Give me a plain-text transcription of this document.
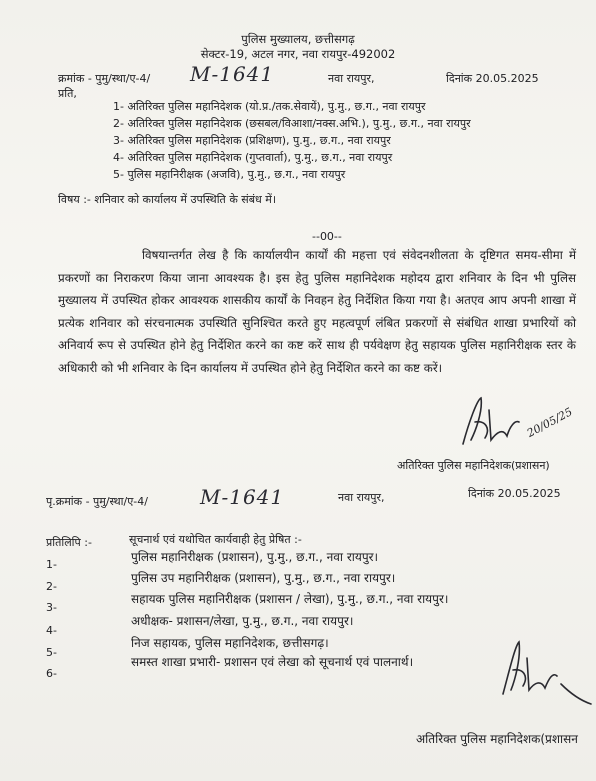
पुलिस मुख्यालय, छत्तीसगढ़
सेक्टर-19, अटल नगर, नवा रायपुर-492002
क्रमांक - पुमु/स्था/ए-4/ M-1641	नवा रायपुर,	दिनांक 20.05.2025
प्रति,
1- अतिरिक्त पुलिस महानिदेशक (यो.प्र./तक.सेवायें), पु.मु., छ.ग., नवा रायपुर
2- अतिरिक्त पुलिस महानिदेशक (छसबल/विआशा/नक्स.अभि.), पु.मु., छ.ग., नवा रायपुर
3- अतिरिक्त पुलिस महानिदेशक (प्रशिक्षण), पु.मु., छ.ग., नवा रायपुर
4- अतिरिक्त पुलिस महानिदेशक (गुप्तवार्ता), पु.मु., छ.ग., नवा रायपुर
5- पुलिस महानिरीक्षक (अजवि), पु.मु., छ.ग., नवा रायपुर
विषय :- शनिवार को कार्यालय में उपस्थिति के संबंध में।
--00--
विषयान्तर्गत लेख है कि कार्यालयीन कार्यों की महत्ता एवं संवेदनशीलता के दृष्टिगत समय-सीमा में प्रकरणों का निराकरण किया जाना आवश्यक है। इस हेतु पुलिस महानिदेशक महोदय द्वारा शनिवार के दिन भी पुलिस मुख्यालय में उपस्थित होकर आवश्यक शासकीय कार्यों के निवहन हेतु निर्देशित किया गया है। अतएव आप अपनी शाखा में प्रत्येक शनिवार को संरचनात्मक उपस्थिति सुनिश्चित करते हुए महत्वपूर्ण लंबित प्रकरणों से संबंधित शाखा प्रभारियों को अनिवार्य रूप से उपस्थित होने हेतु निर्देशित करने का कष्ट करें साथ ही पर्यवेक्षण हेतु सहायक पुलिस महानिरीक्षक स्तर के अधिकारी को भी शनिवार के दिन कार्यालय में उपस्थित होने हेतु निर्देशित करने का कष्ट करें।
20/05/25
अतिरिक्त पुलिस महानिदेशक(प्रशासन)
पृ.क्रमांक - पुमु/स्था/ए-4/	M-1641	नवा रायपुर,	दिनांक 20.05.2025
प्रतिलिपि :-	सूचनार्थ एवं यथोचित कार्यवाही हेतु प्रेषित :-
1-
पुलिस महानिरीक्षक (प्रशासन), पु.मु., छ.ग., नवा रायपुर।
2-
पुलिस उप महानिरीक्षक (प्रशासन), पु.मु., छ.ग., नवा रायपुर।
3-
सहायक पुलिस महानिरीक्षक (प्रशासन / लेखा), पु.मु., छ.ग., नवा रायपुर।
4-
अधीक्षक- प्रशासन/लेखा, पु.मु., छ.ग., नवा रायपुर।
5-
निज सहायक, पुलिस महानिदेशक, छत्तीसगढ़।
6-
समस्त शाखा प्रभारी- प्रशासन एवं लेखा को सूचनार्थ एवं पालनार्थ।
अतिरिक्त पुलिस महानिदेशक(प्रशासन
